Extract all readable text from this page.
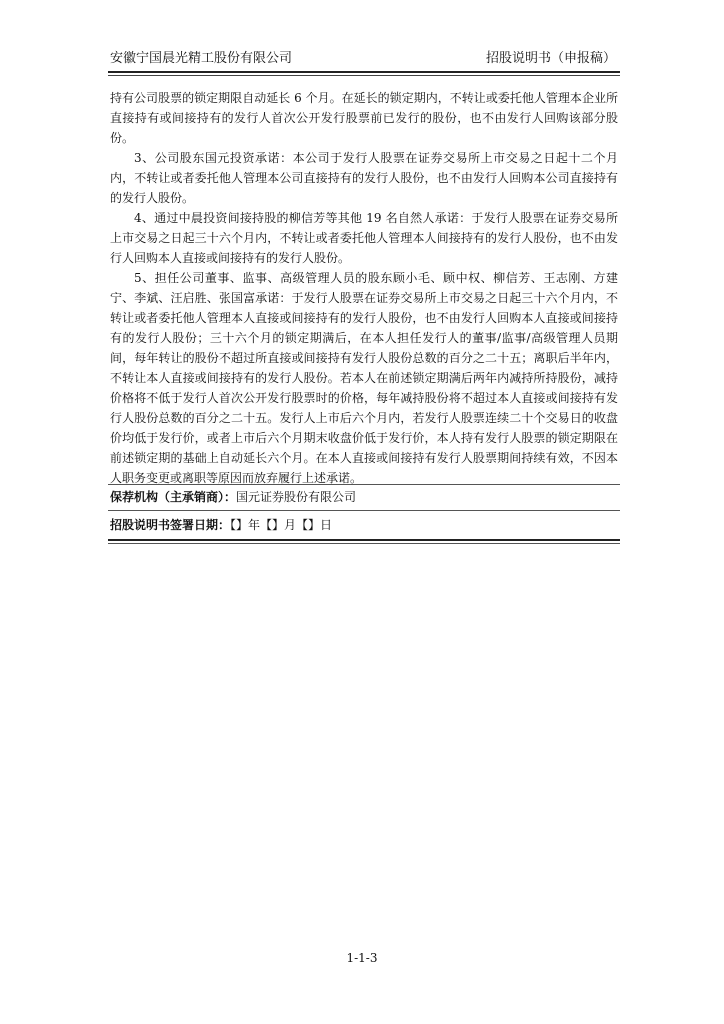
安徽宁国晨光精工股份有限公司	招股说明书（申报稿）

持有公司股票的锁定期限自动延长 6 个月。在延长的锁定期内，不转让或委托他人管理本企业所直接持有或间接持有的发行人首次公开发行股票前已发行的股份，也不由发行人回购该部分股份。

3、公司股东国元投资承诺：本公司于发行人股票在证券交易所上市交易之日起十二个月内，不转让或者委托他人管理本公司直接持有的发行人股份，也不由发行人回购本公司直接持有的发行人股份。

4、通过中晨投资间接持股的柳信芳等其他 19 名自然人承诺：于发行人股票在证券交易所上市交易之日起三十六个月内，不转让或者委托他人管理本人间接持有的发行人股份，也不由发行人回购本人直接或间接持有的发行人股份。

5、担任公司董事、监事、高级管理人员的股东顾小毛、顾中权、柳信芳、王志刚、方建宁、李斌、汪启胜、张国富承诺：于发行人股票在证券交易所上市交易之日起三十六个月内，不转让或者委托他人管理本人直接或间接持有的发行人股份，也不由发行人回购本人直接或间接持有的发行人股份；三十六个月的锁定期满后，在本人担任发行人的董事/监事/高级管理人员期间，每年转让的股份不超过所直接或间接持有发行人股份总数的百分之二十五；离职后半年内，不转让本人直接或间接持有的发行人股份。若本人在前述锁定期满后两年内减持所持股份，减持价格将不低于发行人首次公开发行股票时的价格，每年减持股份将不超过本人直接或间接持有发行人股份总数的百分之二十五。发行人上市后六个月内，若发行人股票连续二十个交易日的收盘价均低于发行价，或者上市后六个月期末收盘价低于发行价，本人持有发行人股票的锁定期限在前述锁定期的基础上自动延长六个月。在本人直接或间接持有发行人股票期间持续有效，不因本人职务变更或离职等原因而放弃履行上述承诺。

保荐机构（主承销商）：国元证券股份有限公司
招股说明书签署日期：【】年【】月【】日
1-1-3
